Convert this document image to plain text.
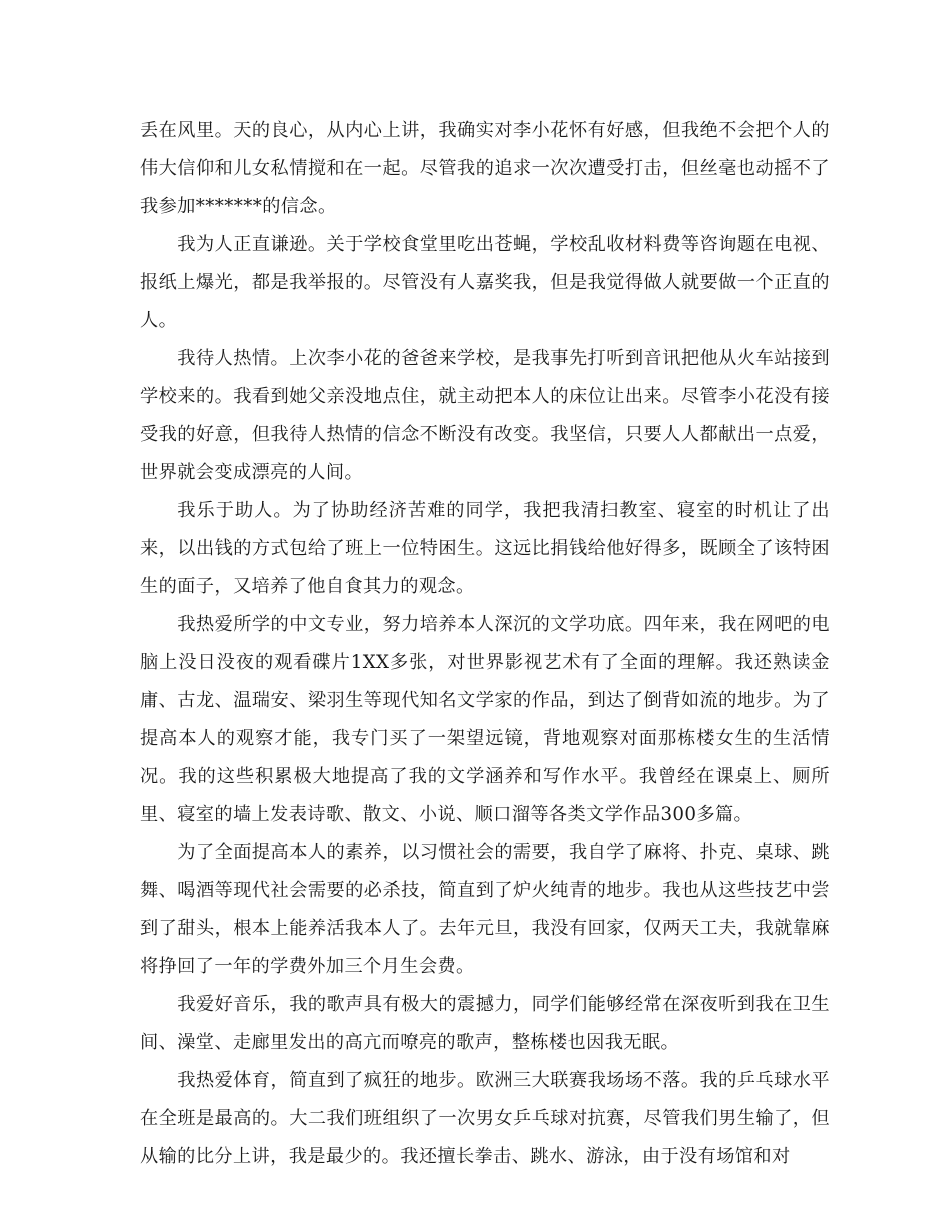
丢在风里。天的良心，从内心上讲，我确实对李小花怀有好感，但我绝不会把个人的伟大信仰和儿女私情搅和在一起。尽管我的追求一次次遭受打击，但丝毫也动摇不了我参加*******的信念。

我为人正直谦逊。关于学校食堂里吃出苍蝇，学校乱收材料费等咨询题在电视、报纸上爆光，都是我举报的。尽管没有人嘉奖我，但是我觉得做人就要做一个正直的人。

我待人热情。上次李小花的爸爸来学校，是我事先打听到音讯把他从火车站接到学校来的。我看到她父亲没地点住，就主动把本人的床位让出来。尽管李小花没有接受我的好意，但我待人热情的信念不断没有改变。我坚信，只要人人都献出一点爱，世界就会变成漂亮的人间。

我乐于助人。为了协助经济苦难的同学，我把我清扫教室、寝室的时机让了出来，以出钱的方式包给了班上一位特困生。这远比捐钱给他好得多，既顾全了该特困生的面子，又培养了他自食其力的观念。

我热爱所学的中文专业，努力培养本人深沉的文学功底。四年来，我在网吧的电脑上没日没夜的观看碟片1XX多张，对世界影视艺术有了全面的理解。我还熟读金庸、古龙、温瑞安、梁羽生等现代知名文学家的作品，到达了倒背如流的地步。为了提高本人的观察才能，我专门买了一架望远镜，背地观察对面那栋楼女生的生活情况。我的这些积累极大地提高了我的文学涵养和写作水平。我曾经在课桌上、厕所里、寝室的墙上发表诗歌、散文、小说、顺口溜等各类文学作品300多篇。

为了全面提高本人的素养，以习惯社会的需要，我自学了麻将、扑克、桌球、跳舞、喝酒等现代社会需要的必杀技，简直到了炉火纯青的地步。我也从这些技艺中尝到了甜头，根本上能养活我本人了。去年元旦，我没有回家，仅两天工夫，我就靠麻将挣回了一年的学费外加三个月生会费。

我爱好音乐，我的歌声具有极大的震撼力，同学们能够经常在深夜听到我在卫生间、澡堂、走廊里发出的高亢而嘹亮的歌声，整栋楼也因我无眠。

我热爱体育，简直到了疯狂的地步。欧洲三大联赛我场场不落。我的乒乓球水平在全班是最高的。大二我们班组织了一次男女乒乓球对抗赛，尽管我们男生输了，但从输的比分上讲，我是最少的。我还擅长拳击、跳水、游泳，由于没有场馆和对
